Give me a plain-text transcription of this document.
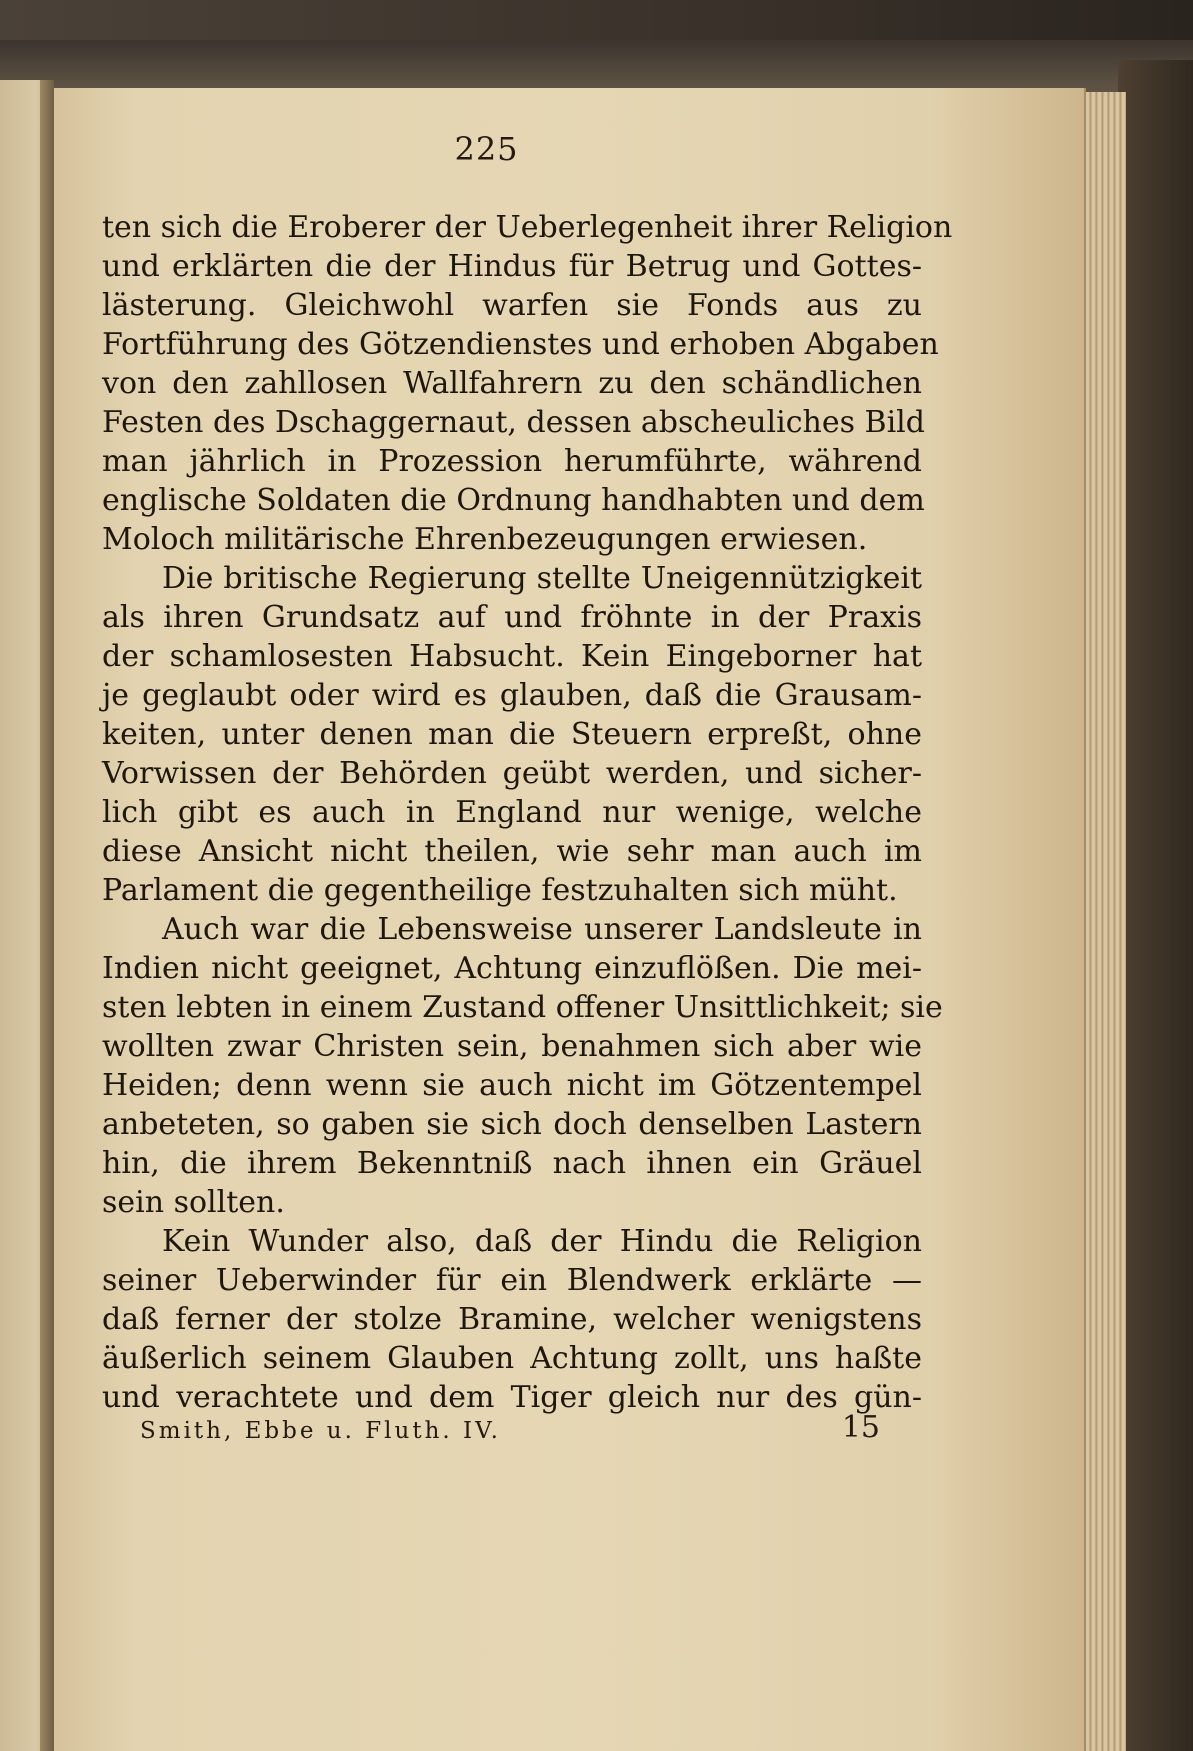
225
ten sich die Eroberer der Ueberlegenheit ihrer Religion
und erklärten die der Hindus für Betrug und Gottes-
lästerung. Gleichwohl warfen sie Fonds aus zu
Fortführung des Götzendienstes und erhoben Abgaben
von den zahllosen Wallfahrern zu den schändlichen
Festen des Dschaggernaut, dessen abscheuliches Bild
man jährlich in Prozession herumführte, während
englische Soldaten die Ordnung handhabten und dem
Moloch militärische Ehrenbezeugungen erwiesen.
Die britische Regierung stellte Uneigennützigkeit
als ihren Grundsatz auf und fröhnte in der Praxis
der schamlosesten Habsucht. Kein Eingeborner hat
je geglaubt oder wird es glauben, daß die Grausam-
keiten, unter denen man die Steuern erpreßt, ohne
Vorwissen der Behörden geübt werden, und sicher-
lich gibt es auch in England nur wenige, welche
diese Ansicht nicht theilen, wie sehr man auch im
Parlament die gegentheilige festzuhalten sich müht.
Auch war die Lebensweise unserer Landsleute in
Indien nicht geeignet, Achtung einzuflößen. Die mei-
sten lebten in einem Zustand offener Unsittlichkeit; sie
wollten zwar Christen sein, benahmen sich aber wie
Heiden; denn wenn sie auch nicht im Götzentempel
anbeteten, so gaben sie sich doch denselben Lastern
hin, die ihrem Bekenntniß nach ihnen ein Gräuel
sein sollten.
Kein Wunder also, daß der Hindu die Religion
seiner Ueberwinder für ein Blendwerk erklärte —
daß ferner der stolze Bramine, welcher wenigstens
äußerlich seinem Glauben Achtung zollt, uns haßte
und verachtete und dem Tiger gleich nur des gün-
Smith, Ebbe u. Fluth. IV.	15
